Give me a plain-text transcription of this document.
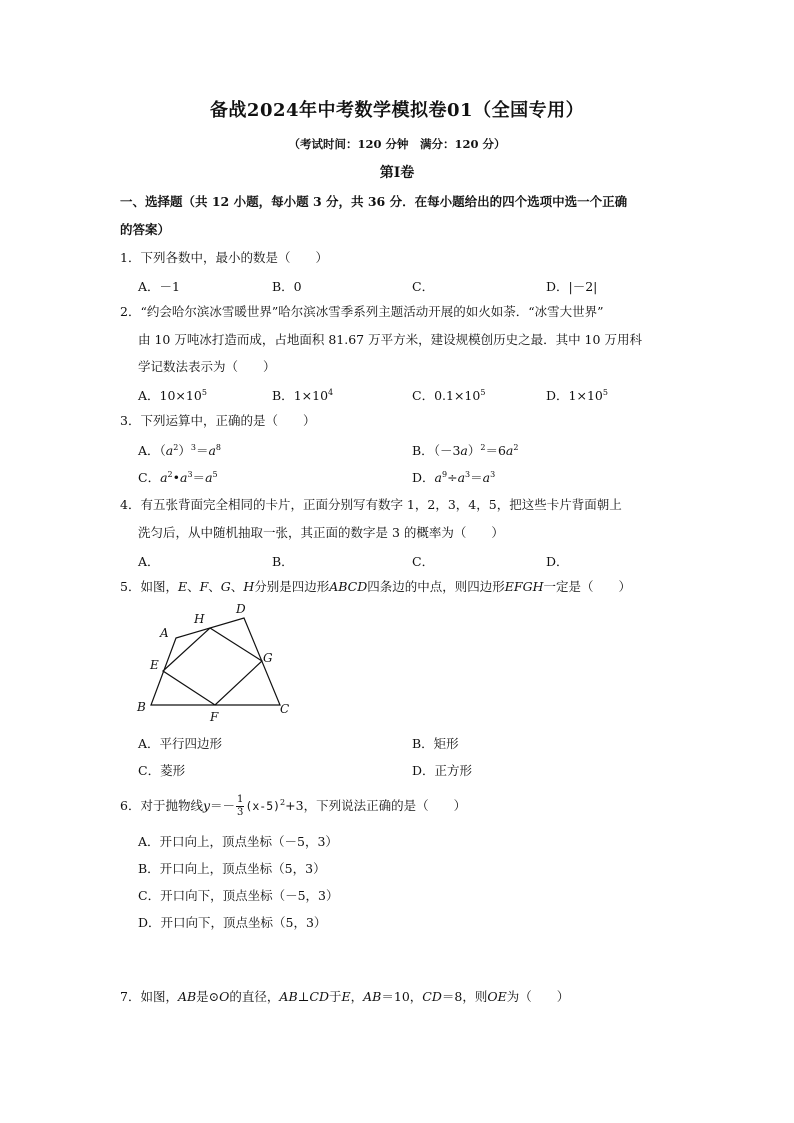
备战2024年中考数学模拟卷01（全国专用）
（考试时间：120 分钟　满分：120 分）
第Ⅰ卷
一、选择题（共 12 小题，每小题 3 分，共 36 分．在每小题给出的四个选项中选一个正确
的答案）
1．下列各数中，最小的数是（　　）
A．－1	B．0	C．	D．|－2|
2．“约会哈尔滨冰雪暖世界”哈尔滨冰雪季系列主题活动开展的如火如荼．“冰雪大世界”
由 10 万吨冰打造而成，占地面积 81.67 万平方米，建设规模创历史之最．其中 10 万用科
学记数法表示为（　　）
A．$10\times 10^5$	B．$1\times 10^4$	C．$0.1\times 10^5$	D．$1\times 10^5$
3．下列运算中，正确的是（　　）
A．$(a^2)^3=a^8$	B．$(-3a)^2=6a^2$
C．$a^2•a^3=a^5$	D．$a^9\div a^3=a^3$
4．有五张背面完全相同的卡片，正面分别写有数字 1，2，3，4，5，把这些卡片背面朝上
洗匀后，从中随机抽取一张，其正面的数字是 3 的概率为（　　）
A．	B．	C．	D．
5．如图，E、F、G、H分别是四边形ABCD四条边的中点，则四边形EFGH一定是（　　）
A
H
D
E	G
B
F
C
A．平行四边形	B．矩形
C．菱形	D．正方形
6．对于抛物线$y=- \frac{1}{3} (x-5)^2+3$，下列说法正确的是（　　）
A．开口向上，顶点坐标（－5，3）
B．开口向上，顶点坐标（5，3）
C．开口向下，顶点坐标（－5，3）
D．开口向下，顶点坐标（5，3）
7．如图，AB是⊙O的直径，AB⊥CD于E，AB＝10，CD＝8，则OE为（　　）
